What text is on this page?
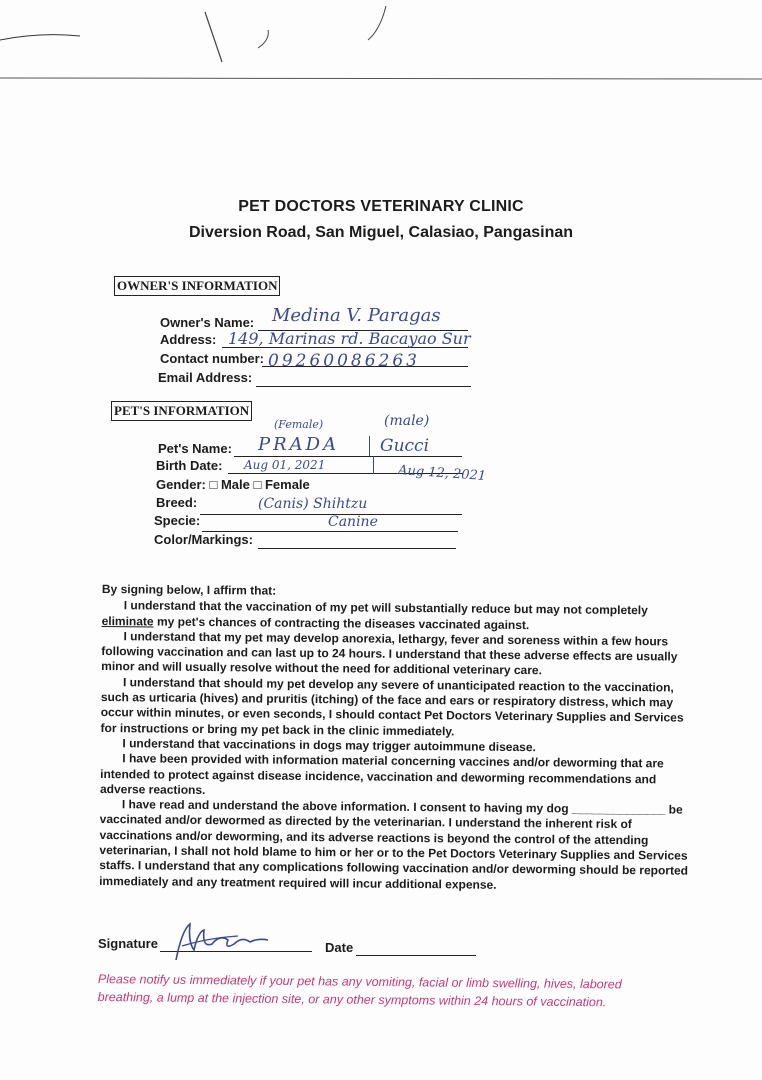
PET DOCTORS VETERINARY CLINIC
Diversion Road, San Miguel, Calasiao, Pangasinan
OWNER'S INFORMATION
Owner's Name: Medina V. Paragas
Address: 149, Marinas rd. Bacayao Sur
Contact number: 09260086263
Email Address:
PET'S INFORMATION
(Female)	(male)
Pet's Name: PRADA Gucci
Birth Date: Aug 01, 2021	Aug 12, 2021
Gender: □ Male □ Female
Breed:	(Canis) Shihtzu
Specie:	Canine
Color/Markings:

By signing below, I affirm that:

I understand that the vaccination of my pet will substantially reduce but may not completely eliminate my pet's chances of contracting the diseases vaccinated against.

I understand that my pet may develop anorexia, lethargy, fever and soreness within a few hours following vaccination and can last up to 24 hours. I understand that these adverse effects are usually minor and will usually resolve without the need for additional veterinary care.

I understand that should my pet develop any severe of unanticipated reaction to the vaccination, such as urticaria (hives) and pruritis (itching) of the face and ears or respiratory distress, which may occur within minutes, or even seconds, I should contact Pet Doctors Veterinary Supplies and Services for instructions or bring my pet back in the clinic immediately.

I understand that vaccinations in dogs may trigger autoimmune disease.

I have been provided with information material concerning vaccines and/or deworming that are intended to protect against disease incidence, vaccination and deworming recommendations and adverse reactions.

I have read and understand the above information. I consent to having my dog ______________ be vaccinated and/or dewormed as directed by the veterinarian. I understand the inherent risk of vaccinations and/or deworming, and its adverse reactions is beyond the control of the attending veterinarian, I shall not hold blame to him or her or to the Pet Doctors Veterinary Supplies and Services staffs. I understand that any complications following vaccination and/or deworming should be reported immediately and any treatment required will incur additional expense.

Signature	Date
Please notify us immediately if your pet has any vomiting, facial or limb swelling, hives, labored breathing, a lump at the injection site, or any other symptoms within 24 hours of vaccination.
